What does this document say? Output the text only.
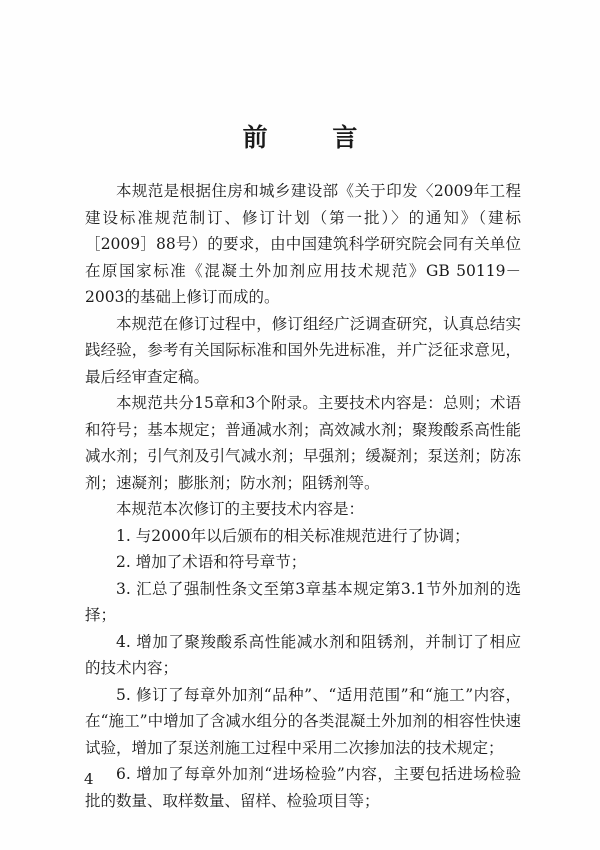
前 言

本规范是根据住房和城乡建设部《关于印发〈2009年工程建设标准规范制订、修订计划（第一批）〉的通知》（建标［2009］88号）的要求，由中国建筑科学研究院会同有关单位在原国家标准《混凝土外加剂应用技术规范》GB 50119－2003的基础上修订而成的。

本规范在修订过程中，修订组经广泛调查研究，认真总结实践经验，参考有关国际标准和国外先进标准，并广泛征求意见，最后经审查定稿。

本规范共分15章和3个附录。主要技术内容是：总则；术语和符号；基本规定；普通减水剂；高效减水剂；聚羧酸系高性能减水剂；引气剂及引气减水剂；早强剂；缓凝剂；泵送剂；防冻剂；速凝剂；膨胀剂；防水剂；阻锈剂等。

本规范本次修订的主要技术内容是：

1. 与2000年以后颁布的相关标准规范进行了协调；

2. 增加了术语和符号章节；

3. 汇总了强制性条文至第3章基本规定第3.1节外加剂的选择；

4. 增加了聚羧酸系高性能减水剂和阻锈剂，并制订了相应的技术内容；

5. 修订了每章外加剂“品种”、“适用范围”和“施工”内容，在“施工”中增加了含减水组分的各类混凝土外加剂的相容性快速试验，增加了泵送剂施工过程中采用二次掺加法的技术规定；

6. 增加了每章外加剂“进场检验”内容，主要包括进场检验批的数量、取样数量、留样、检验项目等；

4
